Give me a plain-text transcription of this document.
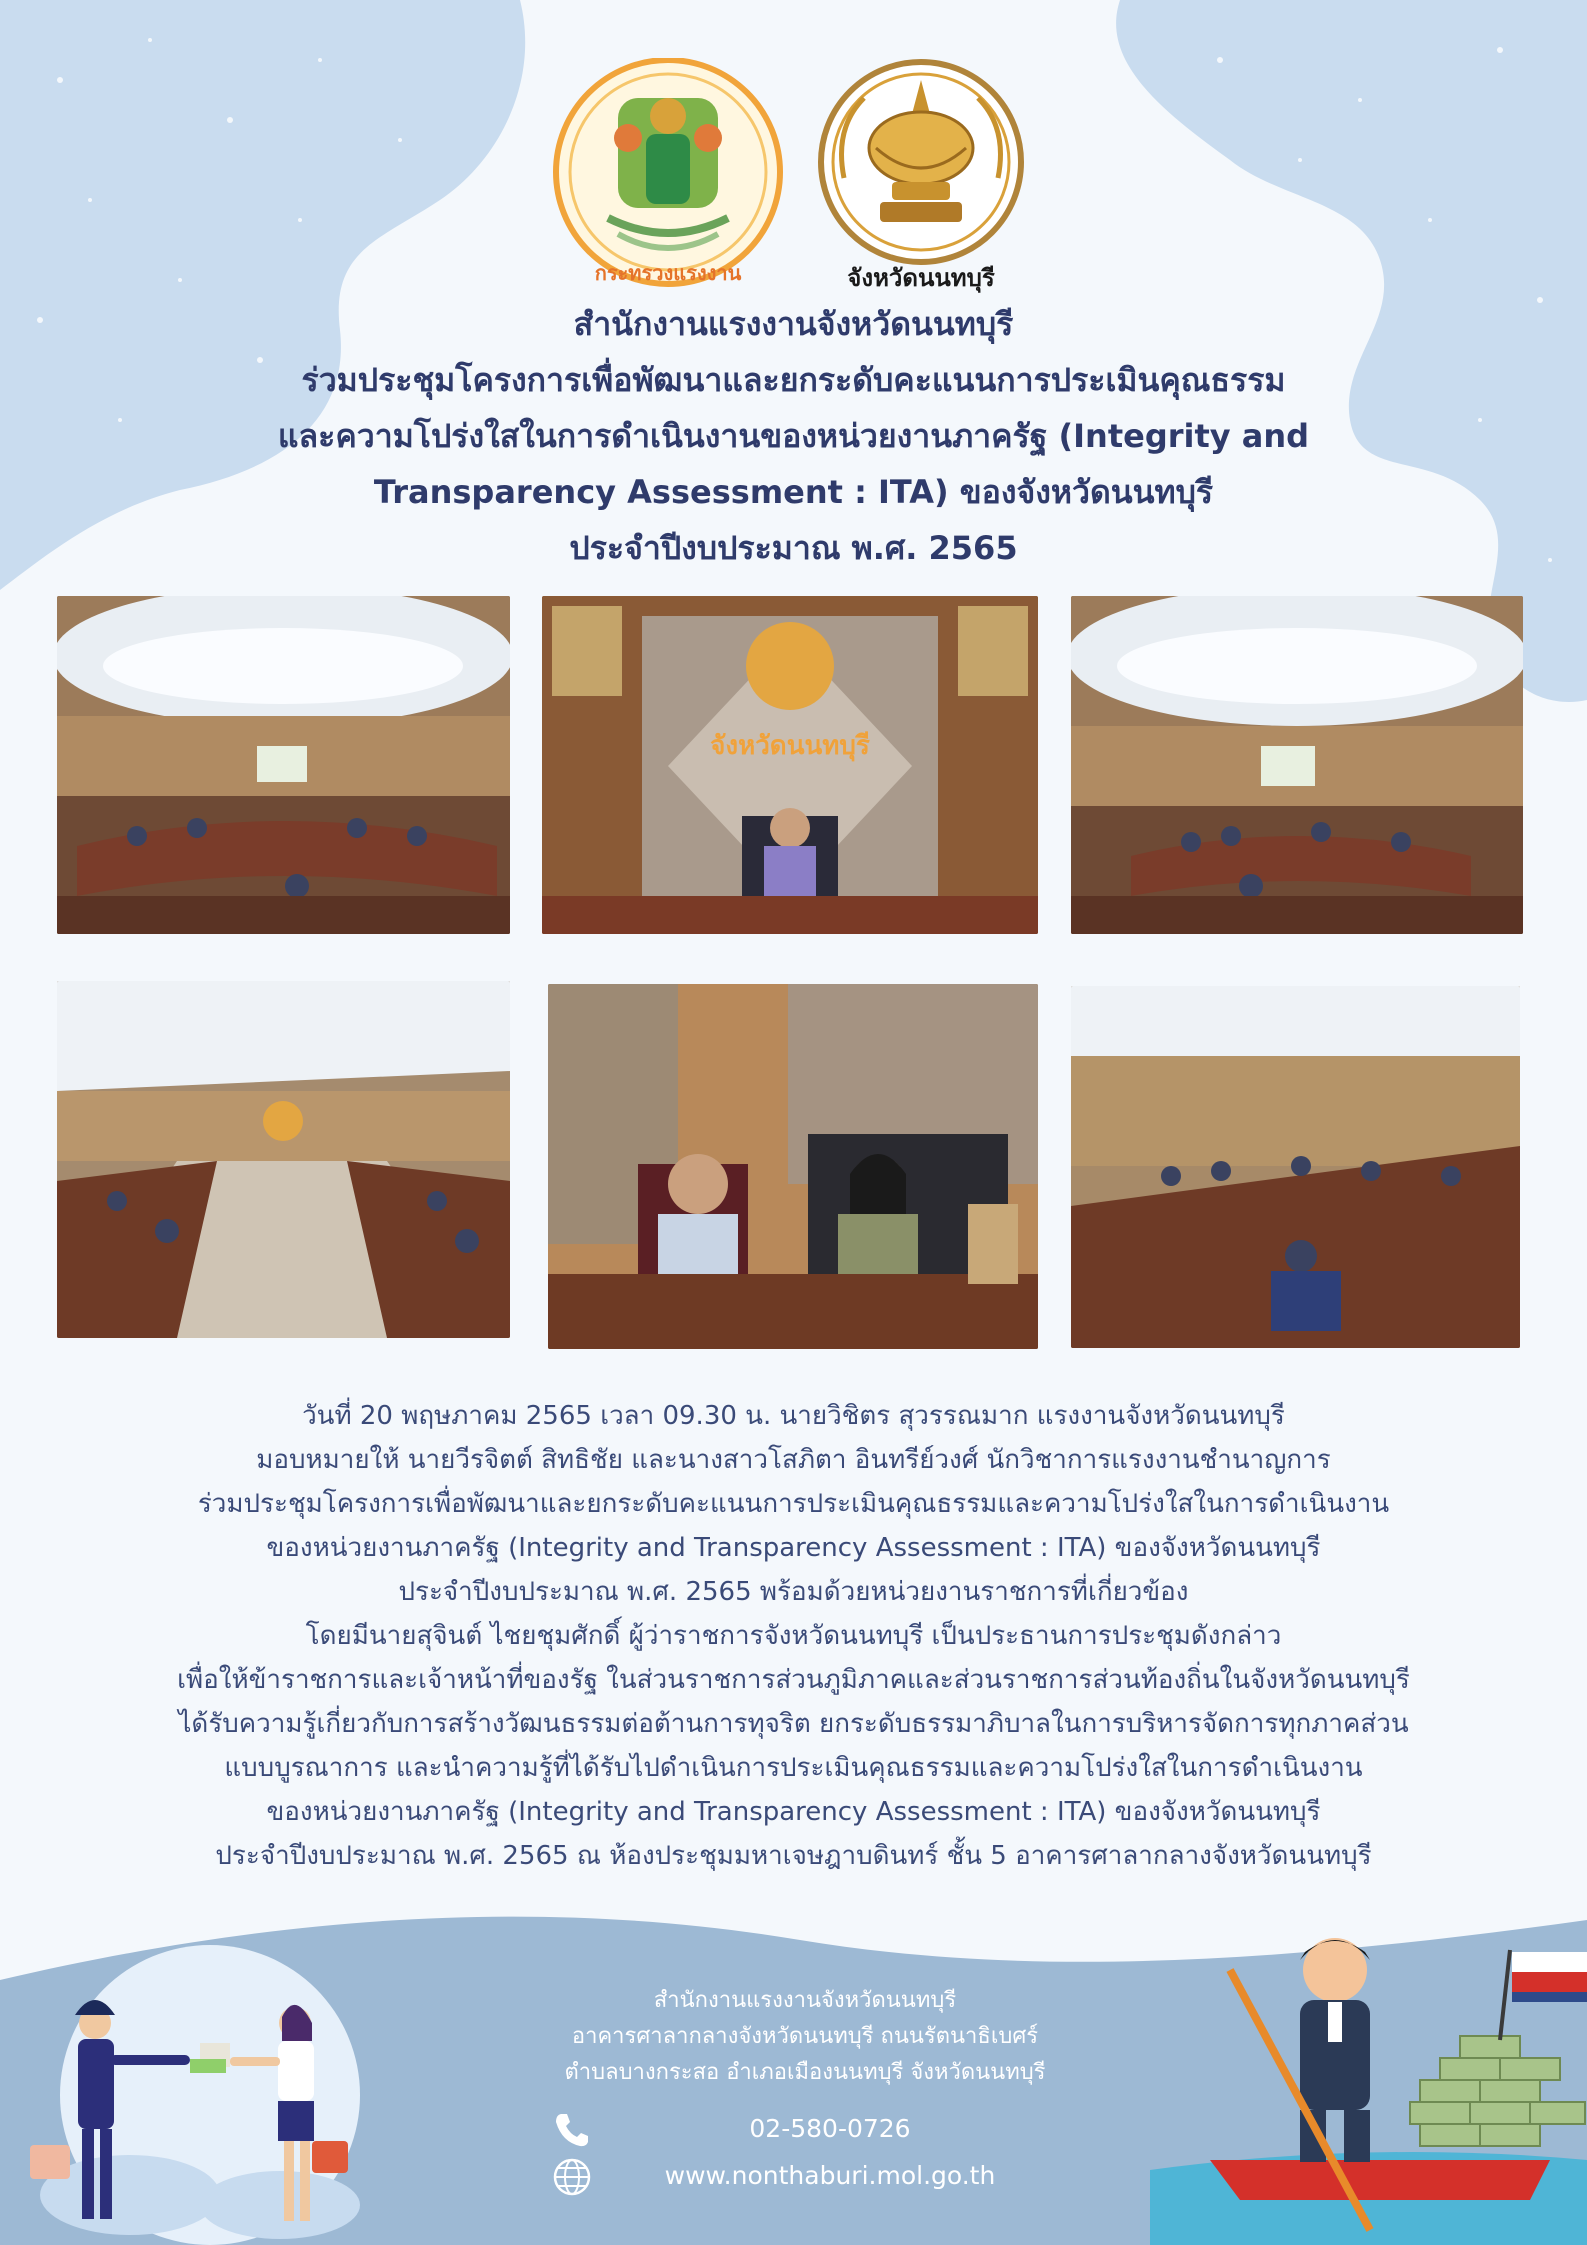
กระทรวงแรงงาน	จังหวัดนนทบุรี
สำนักงานแรงงานจังหวัดนนทบุรี
ร่วมประชุมโครงการเพื่อพัฒนาและยกระดับคะแนนการประเมินคุณธรรม
และความโปร่งใสในการดำเนินงานของหน่วยงานภาครัฐ (Integrity and
Transparency Assessment : ITA) ของจังหวัดนนทบุรี
ประจำปีงบประมาณ พ.ศ. 2565
จังหวัดนนทบุรี
วันที่ 20 พฤษภาคม 2565 เวลา 09.30 น. นายวิชิตร สุวรรณมาก แรงงานจังหวัดนนทบุรี
มอบหมายให้ นายวีรจิตต์ สิทธิชัย และนางสาวโสภิตา อินทรีย์วงศ์ นักวิชาการแรงงานชำนาญการ
ร่วมประชุมโครงการเพื่อพัฒนาและยกระดับคะแนนการประเมินคุณธรรมและความโปร่งใสในการดำเนินงาน
ของหน่วยงานภาครัฐ (Integrity and Transparency Assessment : ITA) ของจังหวัดนนทบุรี
ประจำปีงบประมาณ พ.ศ. 2565 พร้อมด้วยหน่วยงานราชการที่เกี่ยวข้อง
โดยมีนายสุจินต์ ไชยชุมศักดิ์ ผู้ว่าราชการจังหวัดนนทบุรี เป็นประธานการประชุมดังกล่าว
เพื่อให้ข้าราชการและเจ้าหน้าที่ของรัฐ ในส่วนราชการส่วนภูมิภาคและส่วนราชการส่วนท้องถิ่นในจังหวัดนนทบุรี
ได้รับความรู้เกี่ยวกับการสร้างวัฒนธรรมต่อต้านการทุจริต ยกระดับธรรมาภิบาลในการบริหารจัดการทุกภาคส่วน
แบบบูรณาการ และนำความรู้ที่ได้รับไปดำเนินการประเมินคุณธรรมและความโปร่งใสในการดำเนินงาน
ของหน่วยงานภาครัฐ (Integrity and Transparency Assessment : ITA) ของจังหวัดนนทบุรี
ประจำปีงบประมาณ พ.ศ. 2565 ณ ห้องประชุมมหาเจษฎาบดินทร์ ชั้น 5 อาคารศาลากลางจังหวัดนนทบุรี
สำนักงานแรงงานจังหวัดนนทบุรี
อาคารศาลากลางจังหวัดนนทบุรี ถนนรัตนาธิเบศร์
ตำบลบางกระสอ อำเภอเมืองนนทบุรี จังหวัดนนทบุรี
02-580-0726
www.nonthaburi.mol.go.th
